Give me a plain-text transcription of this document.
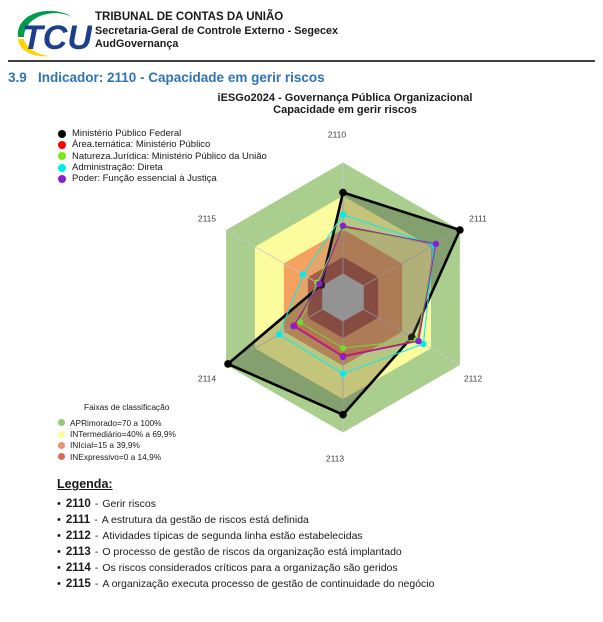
TCU
TRIBUNAL DE CONTAS DA UNIÃO
Secretaria-Geral de Controle Externo - Segecex
AudGovernança
3.9 Indicador: 2110 - Capacidade em gerir riscos
iESGo2024 - Governança Pública Organizacional
Capacidade em gerir riscos
Ministério Público Federal
Área.temática: Ministério Público
Natureza.Jurídica: Ministério Público da União
Administração: Direta
Poder: Função essencial à Justiça
2110
2111
2112
2113
2114
2115
Faixas de classificação
APRimorado=70 a 100%
INTermediário=40% a 69,9%
INIcial=15 a 39,9%
INExpressivo=0 a 14,9%
Legenda:
• 2110 - Gerir riscos
• 2111 - A estrutura da gestão de riscos está definida
• 2112 - Atividades típicas de segunda linha estão estabelecidas
• 2113 - O processo de gestão de riscos da organização está implantado
• 2114 - Os riscos considerados críticos para a organização são geridos
• 2115 - A organização executa processo de gestão de continuidade do negócio
